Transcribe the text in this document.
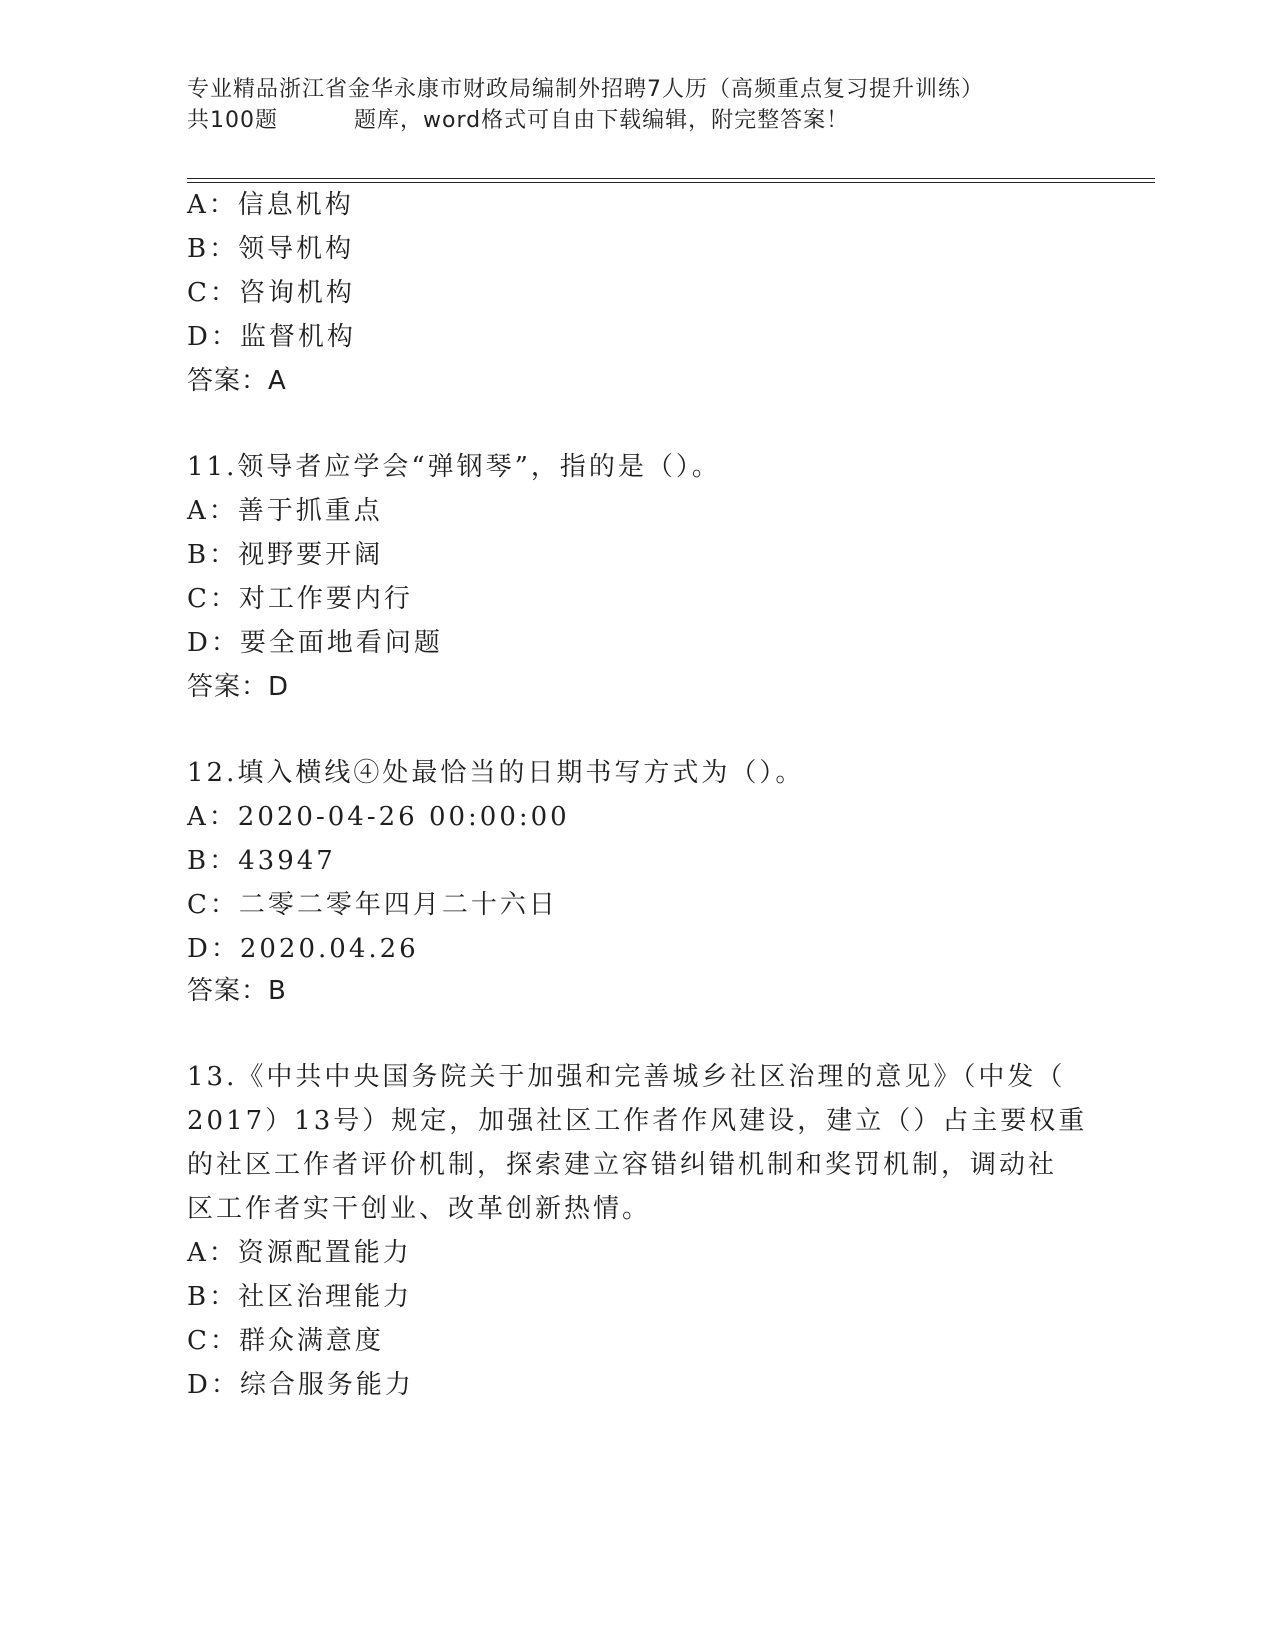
专业精品浙江省金华永康市财政局编制外招聘7人历（高频重点复习提升训练）
共100题	题库，word格式可自由下载编辑，附完整答案！
A：信息机构
B：领导机构
C：咨询机构
D：监督机构
答案：A
11.领导者应学会“弹钢琴”，指的是（）。
A：善于抓重点
B：视野要开阔
C：对工作要内行
D：要全面地看问题
答案：D
12.填入横线④处最恰当的日期书写方式为（）。
A：2020-04-26 00:00:00
B：43947
C：二零二零年四月二十六日
D：2020.04.26
答案：B
13.《中共中央国务院关于加强和完善城乡社区治理的意见》（中发（
2017）13号）规定，加强社区工作者作风建设，建立（）占主要权重
的社区工作者评价机制，探索建立容错纠错机制和奖罚机制，调动社
区工作者实干创业、改革创新热情。
A：资源配置能力
B：社区治理能力
C：群众满意度
D：综合服务能力
